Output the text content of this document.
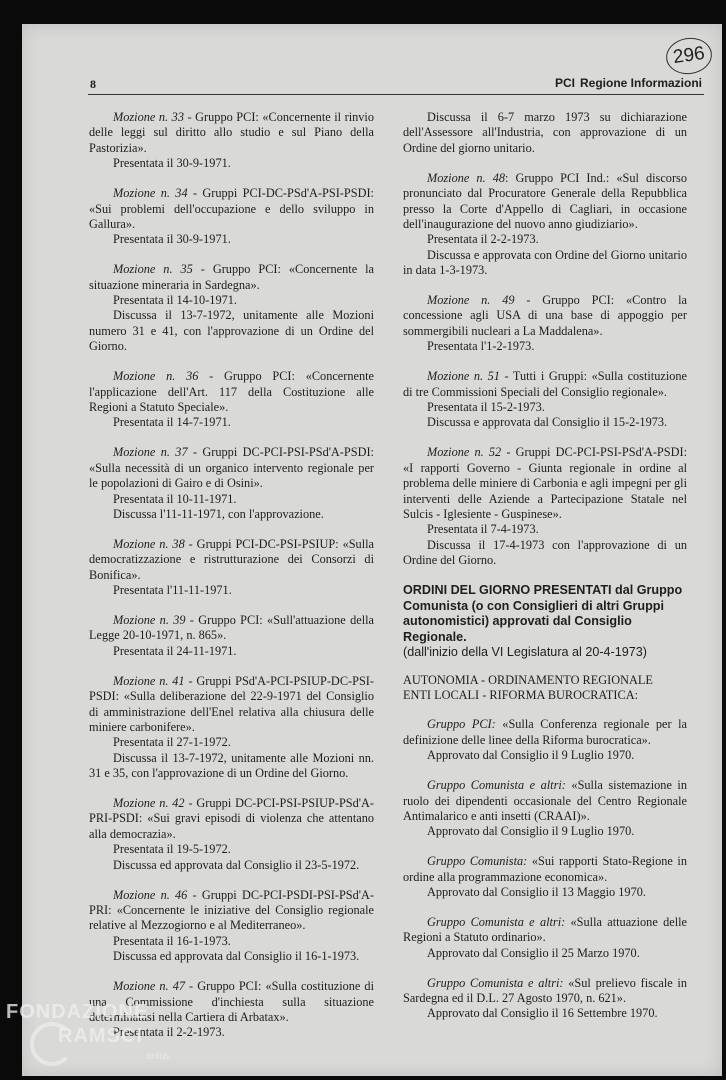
296
8	PCI Regione Informazioni

Mozione n. 33 - Gruppo PCI: «Concernente il rinvio delle leggi sul diritto allo studio e sul Piano della Pastorizia».

Presentata il 30-9-1971.

Mozione n. 34 - Gruppi PCI-DC-PSd'A-PSI-PSDI: «Sui problemi dell'occupazione e dello sviluppo in Gallura».

Presentata il 30-9-1971.

Mozione n. 35 - Gruppo PCI: «Concernente la situazione mineraria in Sardegna».

Presentata il 14-10-1971.

Discussa il 13-7-1972, unitamente alle Mozioni numero 31 e 41, con l'approvazione di un Ordine del Giorno.

Mozione n. 36 - Gruppo PCI: «Concernente l'applicazione dell'Art. 117 della Costituzione alle Regioni a Statuto Speciale».

Presentata il 14-7-1971.

Mozione n. 37 - Gruppi DC-PCI-PSI-PSd'A-PSDI: «Sulla necessità di un organico intervento regionale per le popolazioni di Gairo e di Osini».

Presentata il 10-11-1971.

Discussa l'11-11-1971, con l'approvazione.

Mozione n. 38 - Gruppi PCI-DC-PSI-PSIUP: «Sulla democratizzazione e ristrutturazione dei Consorzi di Bonifica».

Presentata l'11-11-1971.

Mozione n. 39 - Gruppo PCI: «Sull'attuazione della Legge 20-10-1971, n. 865».

Presentata il 24-11-1971.

Mozione n. 41 - Gruppi PSd'A-PCI-PSIUP-DC-PSI-PSDI: «Sulla deliberazione del 22-9-1971 del Consiglio di amministrazione dell'Enel relativa alla chiusura delle miniere carbonifere».

Presentata il 27-1-1972.

Discussa il 13-7-1972, unitamente alle Mozioni nn. 31 e 35, con l'approvazione di un Ordine del Giorno.

Mozione n. 42 - Gruppi DC-PCI-PSI-PSIUP-PSd'A-PRI-PSDI: «Sui gravi episodi di violenza che attentano alla democrazia».

Presentata il 19-5-1972.

Discussa ed approvata dal Consiglio il 23-5-1972.

Mozione n. 46 - Gruppi DC-PCI-PSDI-PSI-PSd'A-PRI: «Concernente le iniziative del Consiglio regionale relative al Mezzogiorno e al Mediterraneo».

Presentata il 16-1-1973.

Discussa ed approvata dal Consiglio il 16-1-1973.

Mozione n. 47 - Gruppo PCI: «Sulla costituzione di una Commissione d'inchiesta sulla situazione determinatasi nella Cartiera di Arbatax».

Presentata il 2-2-1973.

Discussa il 6-7 marzo 1973 su dichiarazione dell'Assessore all'Industria, con approvazione di un Ordine del giorno unitario.

Mozione n. 48: Gruppo PCI Ind.: «Sul discorso pronunciato dal Procuratore Generale della Repubblica presso la Corte d'Appello di Cagliari, in occasione dell'inaugurazione del nuovo anno giudiziario».

Presentata il 2-2-1973.

Discussa e approvata con Ordine del Giorno unitario in data 1-3-1973.

Mozione n. 49 - Gruppo PCI: «Contro la concessione agli USA di una base di appoggio per sommergibili nucleari a La Maddalena».

Presentata l'1-2-1973.

Mozione n. 51 - Tutti i Gruppi: «Sulla costituzione di tre Commissioni Speciali del Consiglio regionale».

Presentata il 15-2-1973.

Discussa e approvata dal Consiglio il 15-2-1973.

Mozione n. 52 - Gruppi DC-PCI-PSI-PSd'A-PSDI: «I rapporti Governo - Giunta regionale in ordine al problema delle miniere di Carbonia e agli impegni per gli interventi delle Aziende a Partecipazione Statale nel Sulcis - Iglesiente - Guspinese».

Presentata il 7-4-1973.

Discussa il 17-4-1973 con l'approvazione di un Ordine del Giorno.

ORDINI DEL GIORNO PRESENTATI dal Gruppo Comunista (o con Consiglieri di altri Gruppi autonomistici) approvati dal Consiglio Regionale.
(dall'inizio della VI Legislatura al 20-4-1973)
AUTONOMIA - ORDINAMENTO REGIONALE
ENTI LOCALI - RIFORMA BUROCRATICA:

Gruppo PCI: «Sulla Conferenza regionale per la definizione delle linee della Riforma burocratica».

Approvato dal Consiglio il 9 Luglio 1970.

Gruppo Comunista e altri: «Sulla sistemazione in ruolo dei dipendenti occasionale del Centro Regionale Antimalarico e anti insetti (CRAAI)».

Approvato dal Consiglio il 9 Luglio 1970.

Gruppo Comunista: «Sui rapporti Stato-Regione in ordine alla programmazione economica».

Approvato dal Consiglio il 13 Maggio 1970.

Gruppo Comunista e altri: «Sulla attuazione delle Regioni a Statuto ordinario».

Approvato dal Consiglio il 25 Marzo 1970.

Gruppo Comunista e altri: «Sul prelievo fiscale in Sardegna ed il D.L. 27 Agosto 1970, n. 621».

Approvato dal Consiglio il 16 Settembre 1970.

FONDAZIONE
RAMSCI
onlus
